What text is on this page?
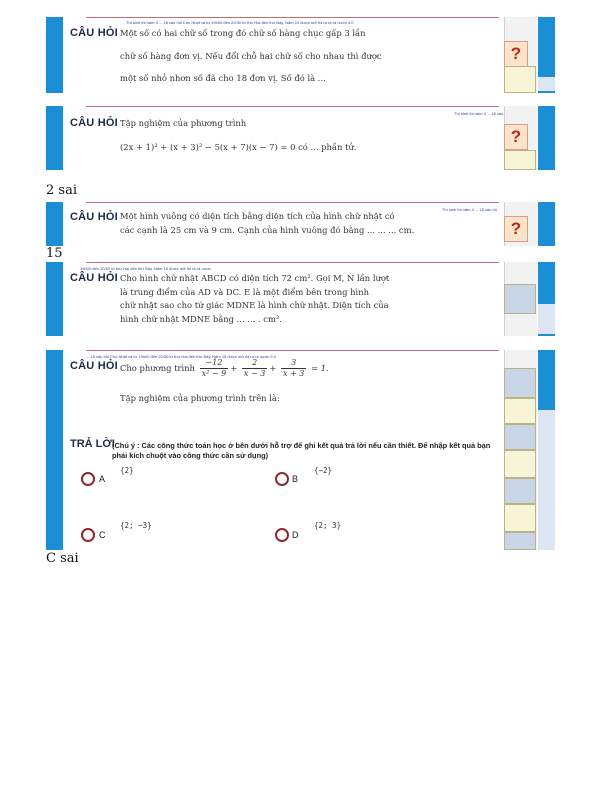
Thí sinh thi năm 4 ... 18 câu hỏi Chú Nhật và từ 19h00 đến 20/30 từ thứ Hai đến thứ Bảy. Năm 15 được mở thi ra ra ra nước 5.0
CÂU HỎI Một số có hai chữ số trong đó chữ số hàng chục gấp 3 lần
chữ số hàng đơn vị. Nếu đổi chỗ hai chữ số cho nhau thì được
một số nhỏ nhơn số đã cho 18 đơn vị. Số đó là ...
?
Thí sinh thi năm 4 ... 18 câu
CÂU HỎI Tập nghiệm của phương trình
(2x + 1)² + (x + 3)² − 5(x + 7)(x − 7) = 0 có ... phần tử.
?
2 sai
Thí sinh thi năm 4 ... 18 câu hỏ
CÂU HỎI Một hình vuông có diện tích bằng diện tích của hình chữ nhật có
các cạnh là 25 cm và 9 cm. Cạnh của hình vuông đó bằng ... ... ... cm.	?
15
19h00 đến 20/30 từ thứ Hai đến thứ Bảy. Năm 15 được mở thi ra ra nước
CÂU HỎI Cho hình chữ nhật ABCD có diện tích 72 cm². Gọi M, N lần lượt
là trung điểm của AD và DC. E là một điểm bên trong hình
chữ nhật sao cho tứ giác MDNE là hình chữ nhật. Diện tích của
hình chữ nhật MDNE bằng ... ... . cm².
... 18 câu hỏi Chú Nhật và từ 19h00 đến 20/30 từ thứ Hai đến thứ Bảy. Năm 15 được mở thi ra ra nước 5.0
CÂU HỎI Cho phương trình $\frac{-12}{\text{x² − 9}} + \frac{2}{x - 3} + \frac{3}{x + 3} = 1$.
Tập nghiệm của phương trình trên là:
TRẢ LỜI
(Chú ý : Các công thức toán học ở bên dưới hỗ trợ để ghi kết quả trả lời nếu cần thiết. Để nhập kết quả bạn phải kích chuột vào công thức cần sử dụng)
A
{2}
B
{−2}
C
{2; −3}
D
{2; 3}
C sai
